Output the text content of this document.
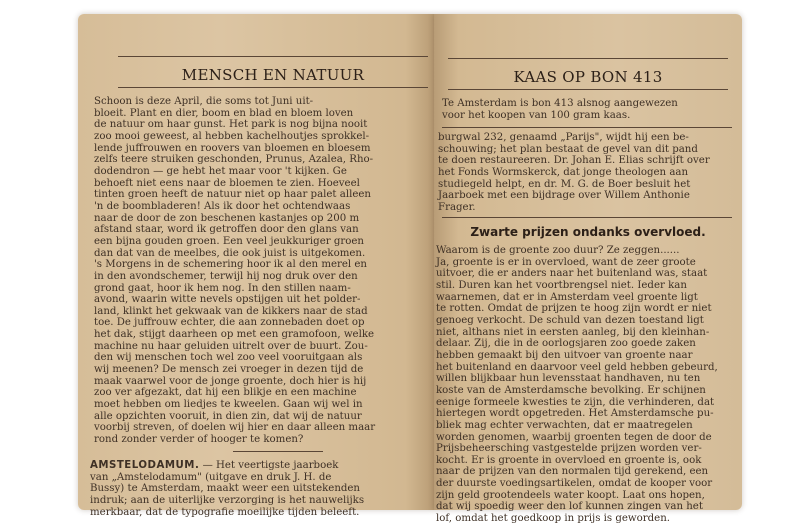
MENSCH EN NATUUR
Schoon is deze April, die soms tot Juni uit-
bloeit. Plant en dier, boom en blad en bloem loven
de natuur om haar gunst. Het park is nog bijna nooit
zoo mooi geweest, al hebben kachelhoutjes sprokkel-
lende juffrouwen en roovers van bloemen en bloesem
zelfs teere struiken geschonden, Prunus, Azalea, Rho-
dodendron — ge hebt het maar voor 't kijken. Ge
behoeft niet eens naar de bloemen te zien. Hoeveel
tinten groen heeft de natuur niet op haar palet alleen
'n de boombladeren! Als ik door het ochtendwaas
naar de door de zon beschenen kastanjes op 200 m
afstand staar, word ik getroffen door den glans van
een bijna gouden groen. Een veel jeukkuriger groen
dan dat van de meelbes, die ook juist is uitgekomen.
's Morgens in de schemering hoor ik al den merel en
in den avondschemer, terwijl hij nog druk over den
grond gaat, hoor ik hem nog. In den stillen naam-
avond, waarin witte nevels opstijgen uit het polder-
land, klinkt het gekwaak van de kikkers naar de stad
toe. De juffrouw echter, die aan zonnebaden doet op
het dak, stijgt daarheen op met een gramofoon, welke
machine nu haar geluiden uitrelt over de buurt. Zou-
den wij menschen toch wel zoo veel vooruitgaan als
wij meenen? De mensch zei vroeger in dezen tijd de
maak vaarwel voor de jonge groente, doch hier is hij
zoo ver afgezakt, dat hij een blikje en een machine
moet hebben om liedjes te kweelen. Gaan wij wel in
alle opzichten vooruit, in dien zin, dat wij de natuur
voorbij streven, of doelen wij hier en daar alleen maar
rond zonder verder of hooger te komen?
AMSTELODAMUM. — Het veertigste jaarboek
van „Amstelodamum" (uitgave en druk J. H. de
Bussy) te Amsterdam, maakt weer een uitstekenden
indruk; aan de uiterlijke verzorging is het nauwelijks
merkbaar, dat de typografie moeilijke tijden beleeft.
KAAS OP BON 413
Te Amsterdam is bon 413 alsnog aangewezen
voor het koopen van 100 gram kaas.
burgwal 232, genaamd „Parijs", wijdt hij een be-
schouwing; het plan bestaat de gevel van dit pand
te doen restaureeren. Dr. Johan E. Elias schrijft over
het Fonds Wormskerck, dat jonge theologen aan
studiegeld helpt, en dr. M. G. de Boer besluit het
Jaarboek met een bijdrage over Willem Anthonie
Frager.
Zwarte prijzen ondanks overvloed.
Waarom is de groente zoo duur? Ze zeggen......
Ja, groente is er in overvloed, want de zeer groote
uitvoer, die er anders naar het buitenland was, staat
stil. Duren kan het voortbrengsel niet. Ieder kan
waarnemen, dat er in Amsterdam veel groente ligt
te rotten. Omdat de prijzen te hoog zijn wordt er niet
genoeg verkocht. De schuld van dezen toestand ligt
niet, althans niet in eersten aanleg, bij den kleinhan-
delaar. Zij, die in de oorlogsjaren zoo goede zaken
hebben gemaakt bij den uitvoer van groente naar
het buitenland en daarvoor veel geld hebben gebeurd,
willen blijkbaar hun levensstaat handhaven, nu ten
koste van de Amsterdamsche bevolking. Er schijnen
eenige formeele kwesties te zijn, die verhinderen, dat
hiertegen wordt opgetreden. Het Amsterdamsche pu-
bliek mag echter verwachten, dat er maatregelen
worden genomen, waarbij groenten tegen de door de
Prijsbeheersching vastgestelde prijzen worden ver-
kocht. Er is groente in overvloed en groente is, ook
naar de prijzen van den normalen tijd gerekend, een
der duurste voedingsartikelen, omdat de kooper voor
zijn geld grootendeels water koopt. Laat ons hopen,
dat wij spoedig weer den lof kunnen zingen van het
lof, omdat het goedkoop in prijs is geworden.
